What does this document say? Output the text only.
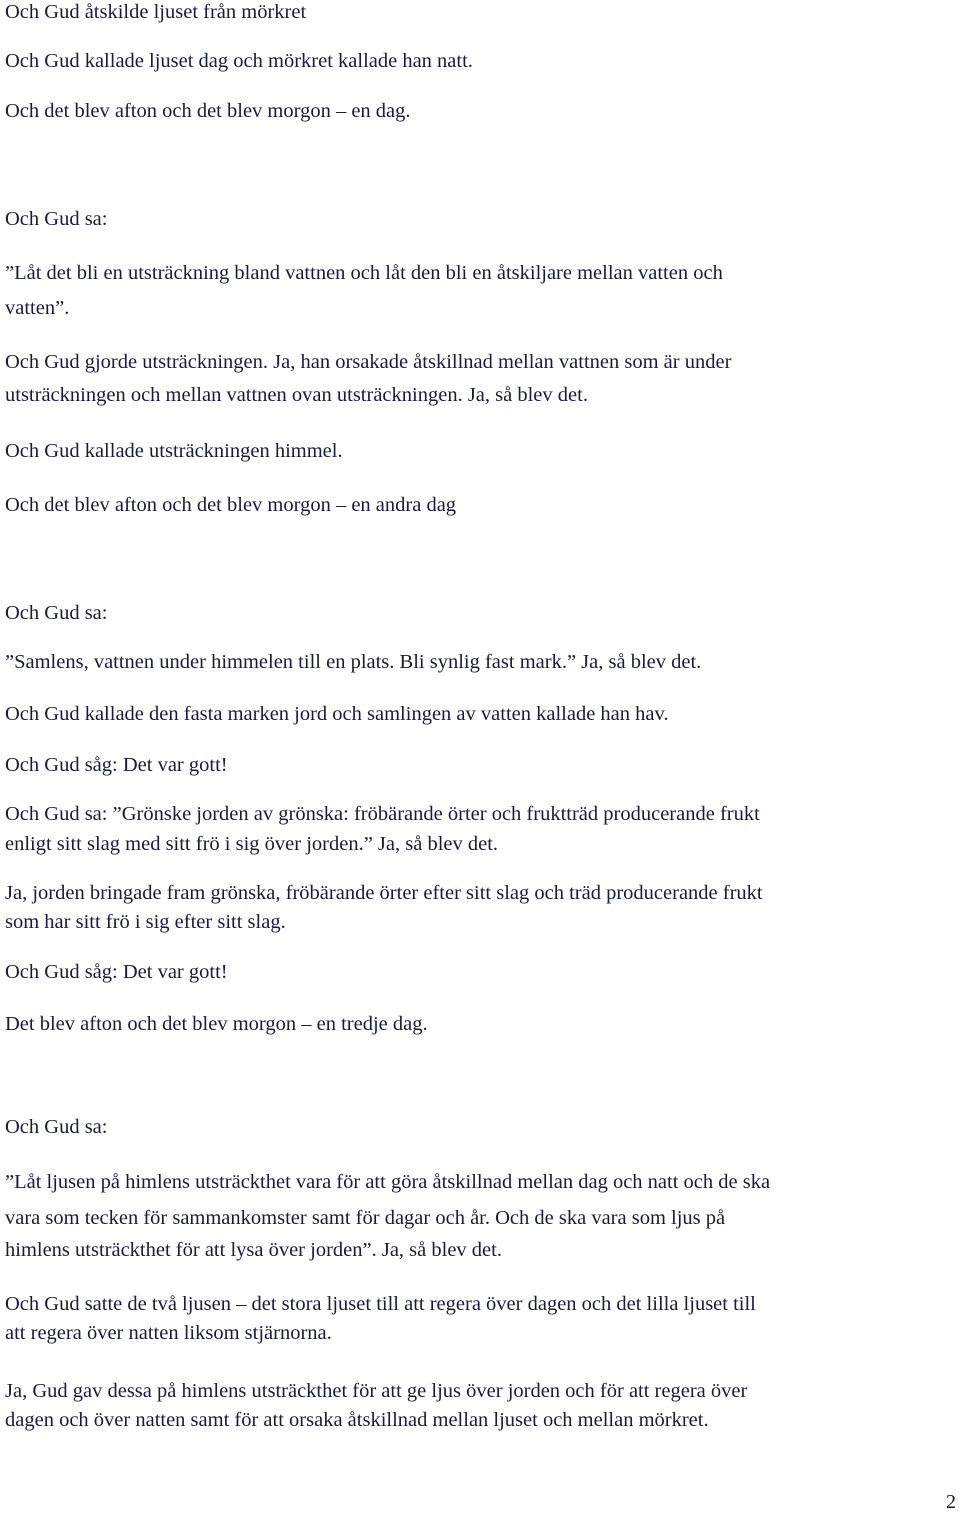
Och Gud åtskilde ljuset från mörkret
Och Gud kallade ljuset dag och mörkret kallade han natt.
Och det blev afton och det blev morgon – en dag.
Och Gud sa:
”Låt det bli en utsträckning bland vattnen och låt den bli en åtskiljare mellan vatten och
vatten”.
Och Gud gjorde utsträckningen. Ja, han orsakade åtskillnad mellan vattnen som är under
utsträckningen och mellan vattnen ovan utsträckningen. Ja, så blev det.
Och Gud kallade utsträckningen himmel.
Och det blev afton och det blev morgon – en andra dag
Och Gud sa:
”Samlens, vattnen under himmelen till en plats. Bli synlig fast mark.” Ja, så blev det.
Och Gud kallade den fasta marken jord och samlingen av vatten kallade han hav.
Och Gud såg: Det var gott!
Och Gud sa: ”Grönske jorden av grönska: fröbärande örter och fruktträd producerande frukt
enligt sitt slag med sitt frö i sig över jorden.” Ja, så blev det.
Ja, jorden bringade fram grönska, fröbärande örter efter sitt slag och träd producerande frukt
som har sitt frö i sig efter sitt slag.
Och Gud såg: Det var gott!
Det blev afton och det blev morgon – en tredje dag.
Och Gud sa:
”Låt ljusen på himlens utsträckthet vara för att göra åtskillnad mellan dag och natt och de ska
vara som tecken för sammankomster samt för dagar och år. Och de ska vara som ljus på
himlens utsträckthet för att lysa över jorden”. Ja, så blev det.
Och Gud satte de två ljusen – det stora ljuset till att regera över dagen och det lilla ljuset till
att regera över natten liksom stjärnorna.
Ja, Gud gav dessa på himlens utsträckthet för att ge ljus över jorden och för att regera över
dagen och över natten samt för att orsaka åtskillnad mellan ljuset och mellan mörkret.
2
